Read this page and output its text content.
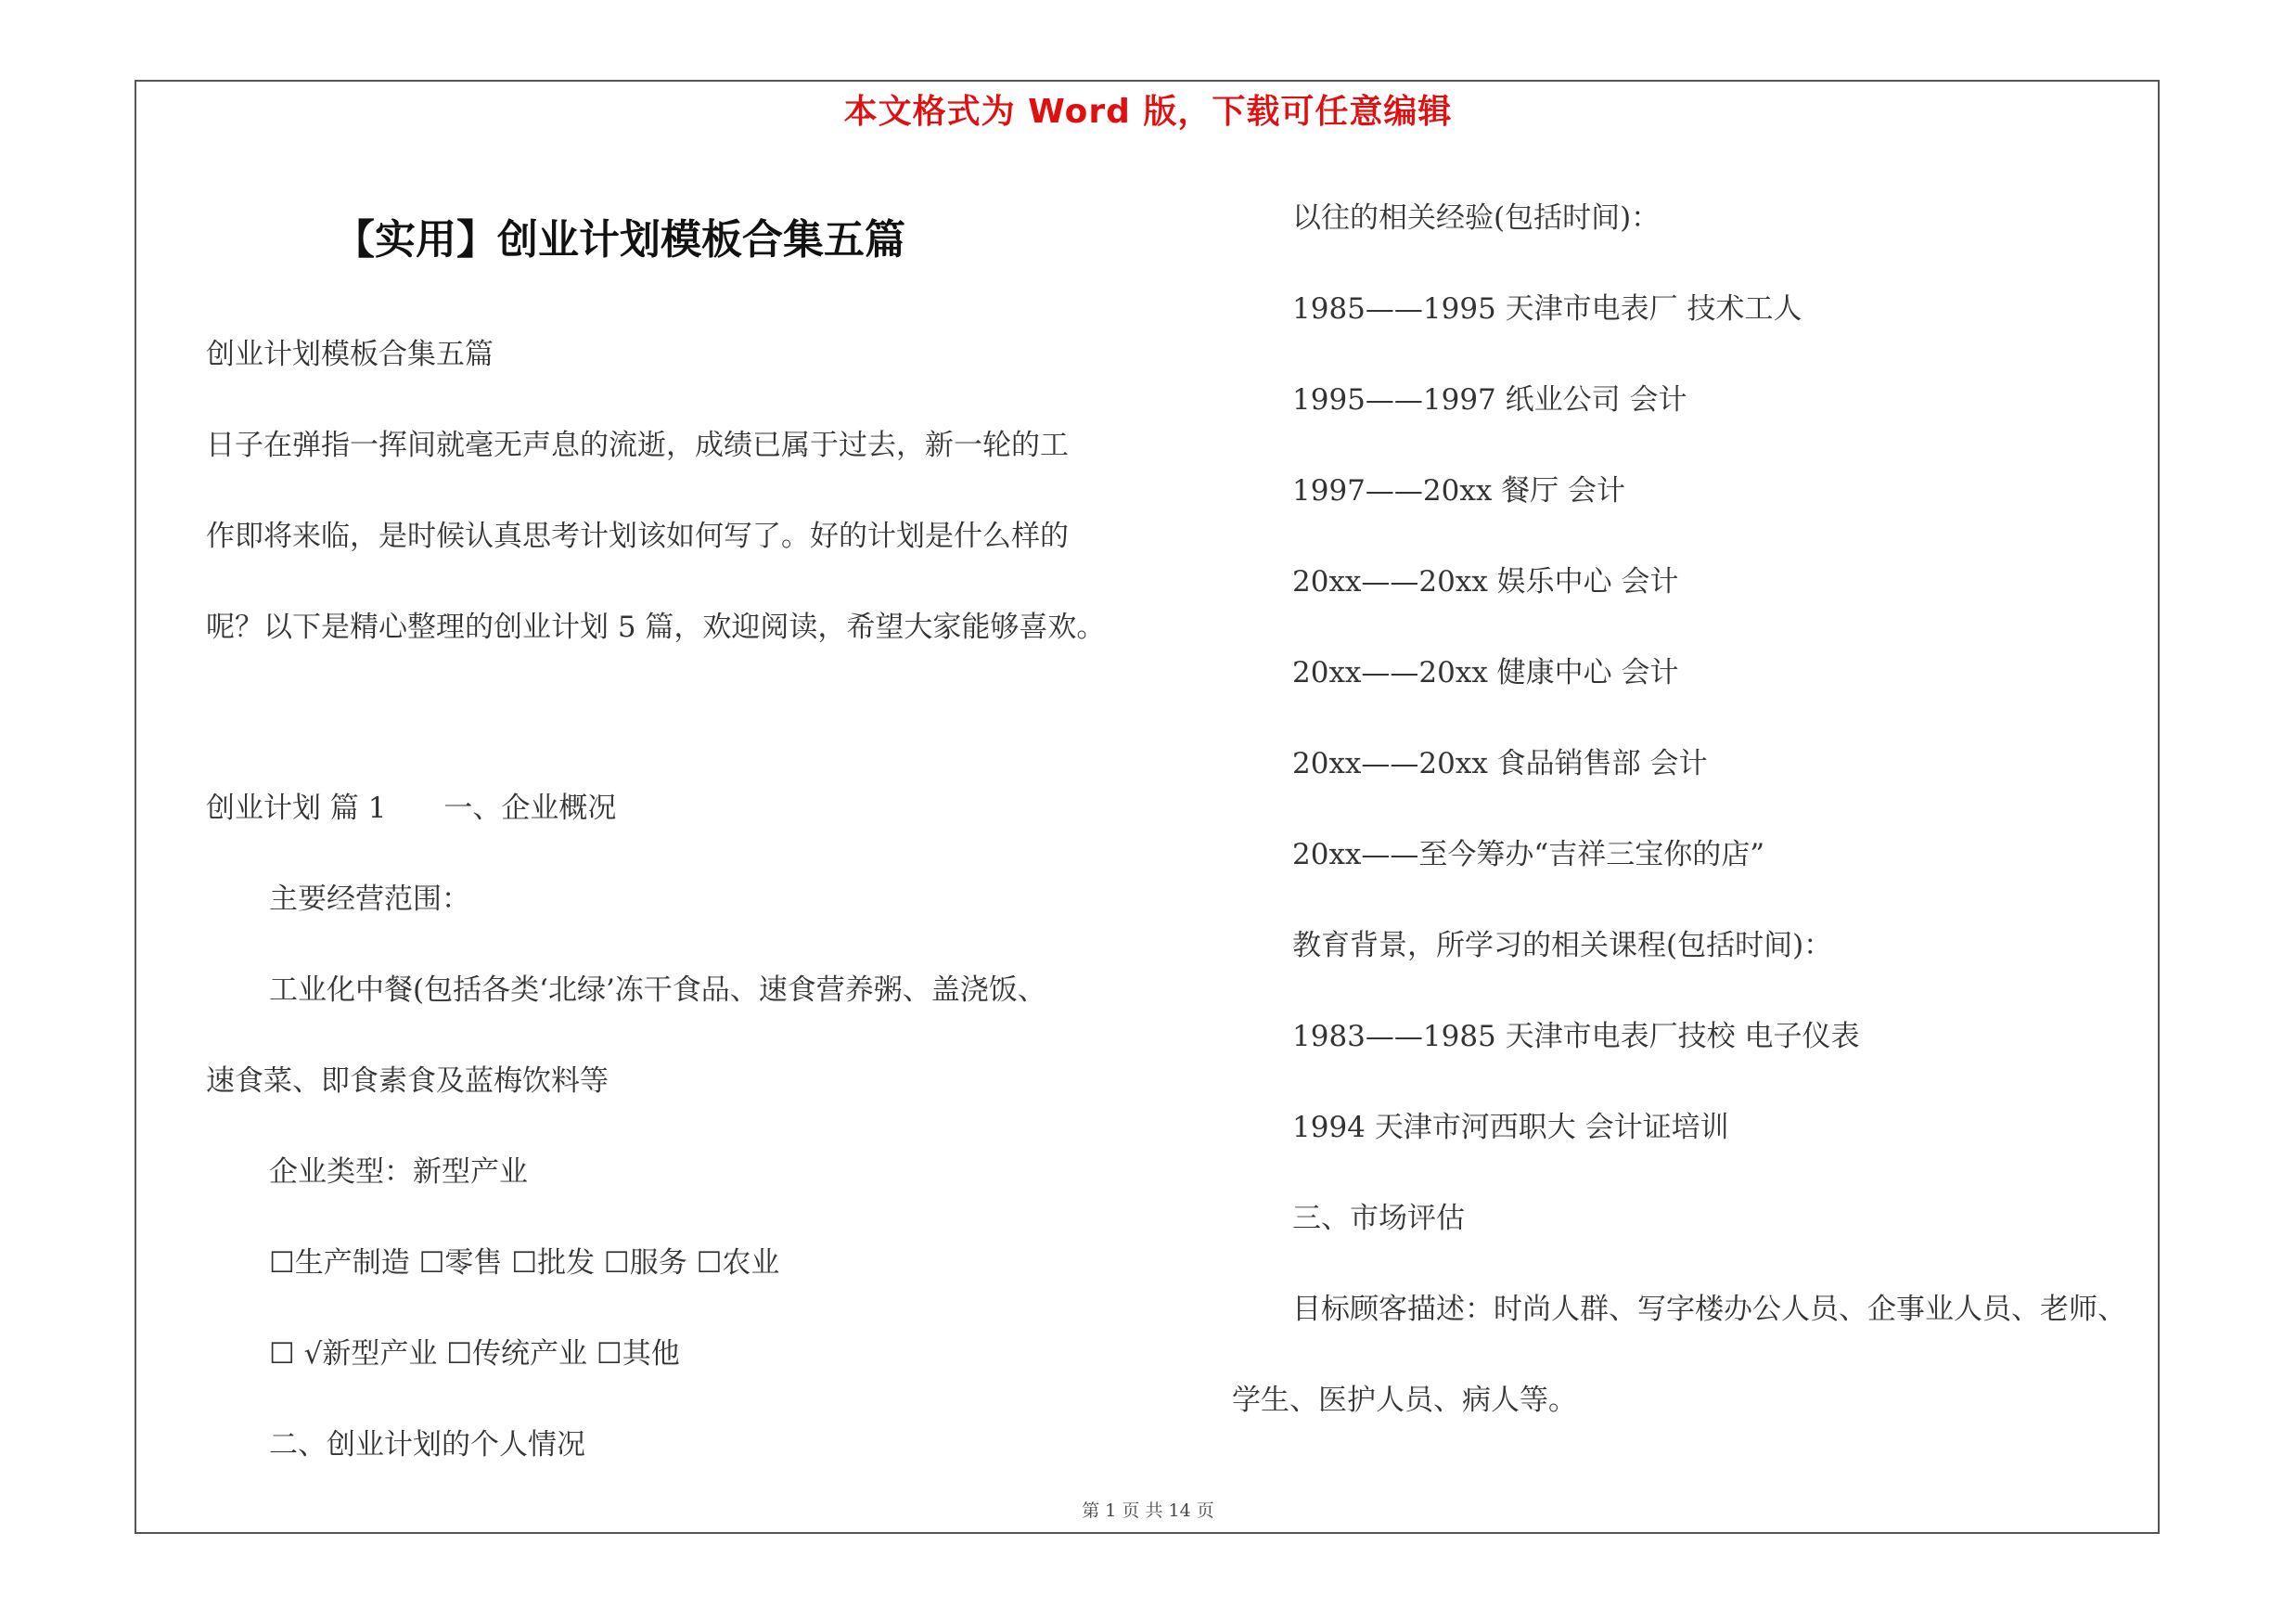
本文格式为 Word 版，下载可任意编辑
【实用】创业计划模板合集五篇
创业计划模板合集五篇
日子在弹指一挥间就毫无声息的流逝，成绩已属于过去，新一轮的工
作即将来临，是时候认真思考计划该如何写了。好的计划是什么样的
呢？以下是精心整理的创业计划 5 篇，欢迎阅读，希望大家能够喜欢。
创业计划 篇 1　　一、企业概况
主要经营范围：
工业化中餐(包括各类‘北绿’冻干食品、速食营养粥、盖浇饭、
速食菜、即食素食及蓝梅饮料等
企业类型：新型产业
☐生产制造 ☐零售 ☐批发 ☐服务 ☐农业
☐ √新型产业 ☐传统产业 ☐其他
二、创业计划的个人情况
以往的相关经验(包括时间)：
1985——1995 天津市电表厂 技术工人
1995——1997 纸业公司 会计
1997——20xx 餐厅 会计
20xx——20xx 娱乐中心 会计
20xx——20xx 健康中心 会计
20xx——20xx 食品销售部 会计
20xx——至今筹办“吉祥三宝你的店”
教育背景，所学习的相关课程(包括时间)：
1983——1985 天津市电表厂技校 电子仪表
1994 天津市河西职大 会计证培训
三、市场评估
目标顾客描述：时尚人群、写字楼办公人员、企事业人员、老师、
学生、医护人员、病人等。
第 1 页 共 14 页
